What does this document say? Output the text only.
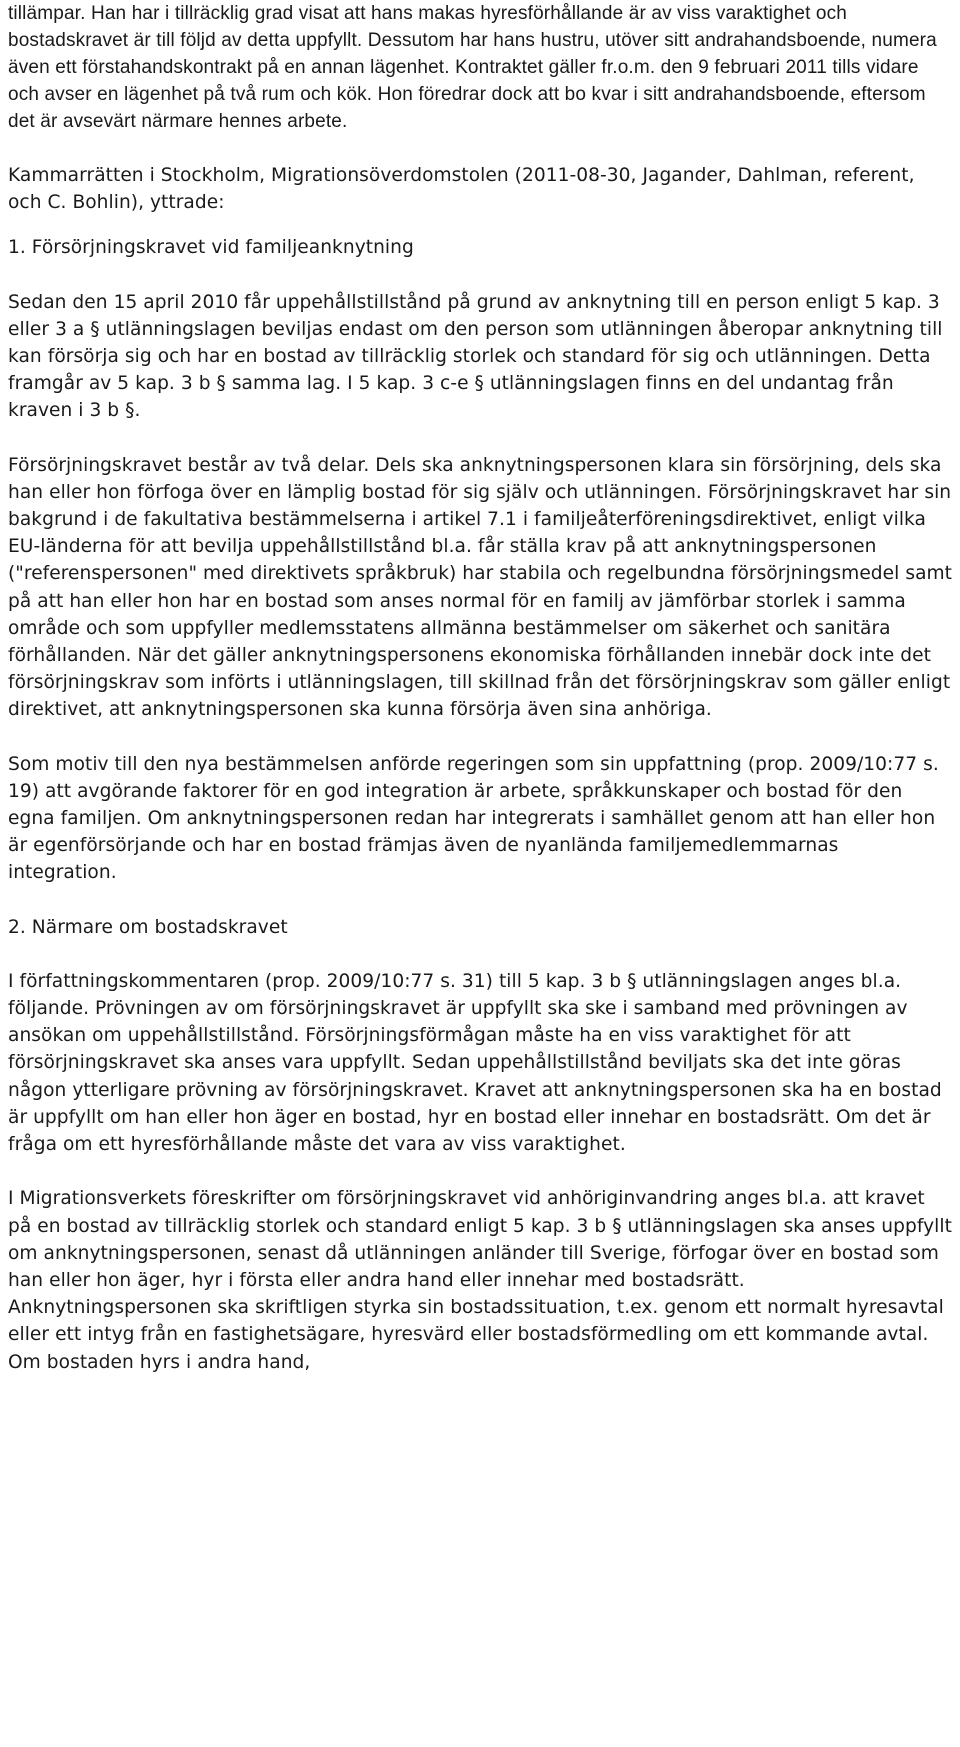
tillämpar. Han har i tillräcklig grad visat att hans makas hyresförhållande är av viss varaktighet och bostadskravet är till följd av detta uppfyllt. Dessutom har hans hustru, utöver sitt andrahandsboende, numera även ett förstahandskontrakt på en annan lägenhet. Kontraktet gäller fr.o.m. den 9 februari 2011 tills vidare och avser en lägenhet på två rum och kök. Hon föredrar dock att bo kvar i sitt andrahandsboende, eftersom det är avsevärt närmare hennes arbete.

Kammarrätten i Stockholm, Migrationsöverdomstolen (2011-08-30, Jagander, Dahlman, referent, och C. Bohlin), yttrade:

1. Försörjningskravet vid familjeanknytning

Sedan den 15 april 2010 får uppehållstillstånd på grund av anknytning till en person enligt 5 kap. 3 eller 3 a § utlänningslagen beviljas endast om den person som utlänningen åberopar anknytning till kan försörja sig och har en bostad av tillräcklig storlek och standard för sig och utlänningen. Detta framgår av 5 kap. 3 b § samma lag. I 5 kap. 3 c-e § utlänningslagen finns en del undantag från kraven i 3 b §.

Försörjningskravet består av två delar. Dels ska anknytningspersonen klara sin försörjning, dels ska han eller hon förfoga över en lämplig bostad för sig själv och utlänningen. Försörjningskravet har sin bakgrund i de fakultativa bestämmelserna i artikel 7.1 i familjeåterföreningsdirektivet, enligt vilka EU-länderna för att bevilja uppehållstillstånd bl.a. får ställa krav på att anknytningspersonen ("referenspersonen" med direktivets språkbruk) har stabila och regelbundna försörjningsmedel samt på att han eller hon har en bostad som anses normal för en familj av jämförbar storlek i samma område och som uppfyller medlemsstatens allmänna bestämmelser om säkerhet och sanitära förhållanden. När det gäller anknytningspersonens ekonomiska förhållanden innebär dock inte det försörjningskrav som införts i utlänningslagen, till skillnad från det försörjningskrav som gäller enligt direktivet, att anknytningspersonen ska kunna försörja även sina anhöriga.

Som motiv till den nya bestämmelsen anförde regeringen som sin uppfattning (prop. 2009/10:77 s. 19) att avgörande faktorer för en god integration är arbete, språkkunskaper och bostad för den egna familjen. Om anknytningspersonen redan har integrerats i samhället genom att han eller hon är egenförsörjande och har en bostad främjas även de nyanlända familjemedlemmarnas integration.

2. Närmare om bostadskravet

I författningskommentaren (prop. 2009/10:77 s. 31) till 5 kap. 3 b § utlänningslagen anges bl.a. följande. Prövningen av om försörjningskravet är uppfyllt ska ske i samband med prövningen av ansökan om uppehållstillstånd. Försörjningsförmågan måste ha en viss varaktighet för att försörjningskravet ska anses vara uppfyllt. Sedan uppehållstillstånd beviljats ska det inte göras någon ytterligare prövning av försörjningskravet. Kravet att anknytningspersonen ska ha en bostad är uppfyllt om han eller hon äger en bostad, hyr en bostad eller innehar en bostadsrätt. Om det är fråga om ett hyresförhållande måste det vara av viss varaktighet.

I Migrationsverkets föreskrifter om försörjningskravet vid anhöriginvandring anges bl.a. att kravet på en bostad av tillräcklig storlek och standard enligt 5 kap. 3 b § utlänningslagen ska anses uppfyllt om anknytningspersonen, senast då utlänningen anländer till Sverige, förfogar över en bostad som han eller hon äger, hyr i första eller andra hand eller innehar med bostadsrätt. Anknytningspersonen ska skriftligen styrka sin bostadssituation, t.ex. genom ett normalt hyresavtal eller ett intyg från en fastighetsägare, hyresvärd eller bostadsförmedling om ett kommande avtal. Om bostaden hyrs i andra hand,
